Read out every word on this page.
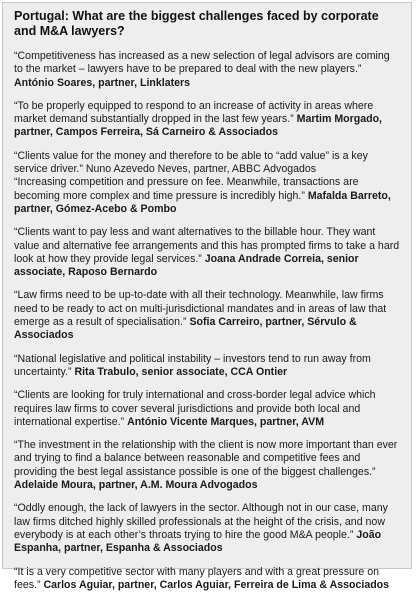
Portugal: What are the biggest challenges faced by corporate and M&A lawyers?

“Competitiveness has increased as a new selection of legal advisors are coming to the market – lawyers have to be prepared to deal with the new players.” António Soares, partner, Linklaters

“To be properly equipped to respond to an increase of activity in areas where market demand substantially dropped in the last few years.” Martim Morgado, partner, Campos Ferreira, Sá Carneiro & Associados

“Clients value for the money and therefore to be able to “add value” is a key service driver.” Nuno Azevedo Neves, partner, ABBC Advogados
“Increasing competition and pressure on fee. Meanwhile, transactions are becoming more complex and time pressure is incredibly high.” Mafalda Barreto, partner, Gómez-Acebo & Pombo

“Clients want to pay less and want alternatives to the billable hour. They want value and alternative fee arrangements and this has prompted firms to take a hard look at how they provide legal services.” Joana Andrade Correia, senior associate, Raposo Bernardo

“Law firms need to be up-to-date with all their technology. Meanwhile, law firms need to be ready to act on multi-jurisdictional mandates and in areas of law that emerge as a result of specialisation.” Sofia Carreiro, partner, Sérvulo & Associados

“National legislative and political instability – investors tend to run away from uncertainty.” Rita Trabulo, senior associate, CCA Ontier

“Clients are looking for truly international and cross-border legal advice which requires law firms to cover several jurisdictions and provide both local and international expertise.” António Vicente Marques, partner, AVM

“The investment in the relationship with the client is now more important than ever and trying to find a balance between reasonable and competitive fees and providing the best legal assistance possible is one of the biggest challenges.” Adelaide Moura, partner, A.M. Moura Advogados

“Oddly enough, the lack of lawyers in the sector. Although not in our case, many law firms ditched highly skilled professionals at the height of the crisis, and now everybody is at each other’s throats trying to hire the good M&A people.” João Espanha, partner, Espanha & Associados

“It is a very competitive sector with many players and with a great pressure on fees.” Carlos Aguiar, partner, Carlos Aguiar, Ferreira de Lima & Associados
